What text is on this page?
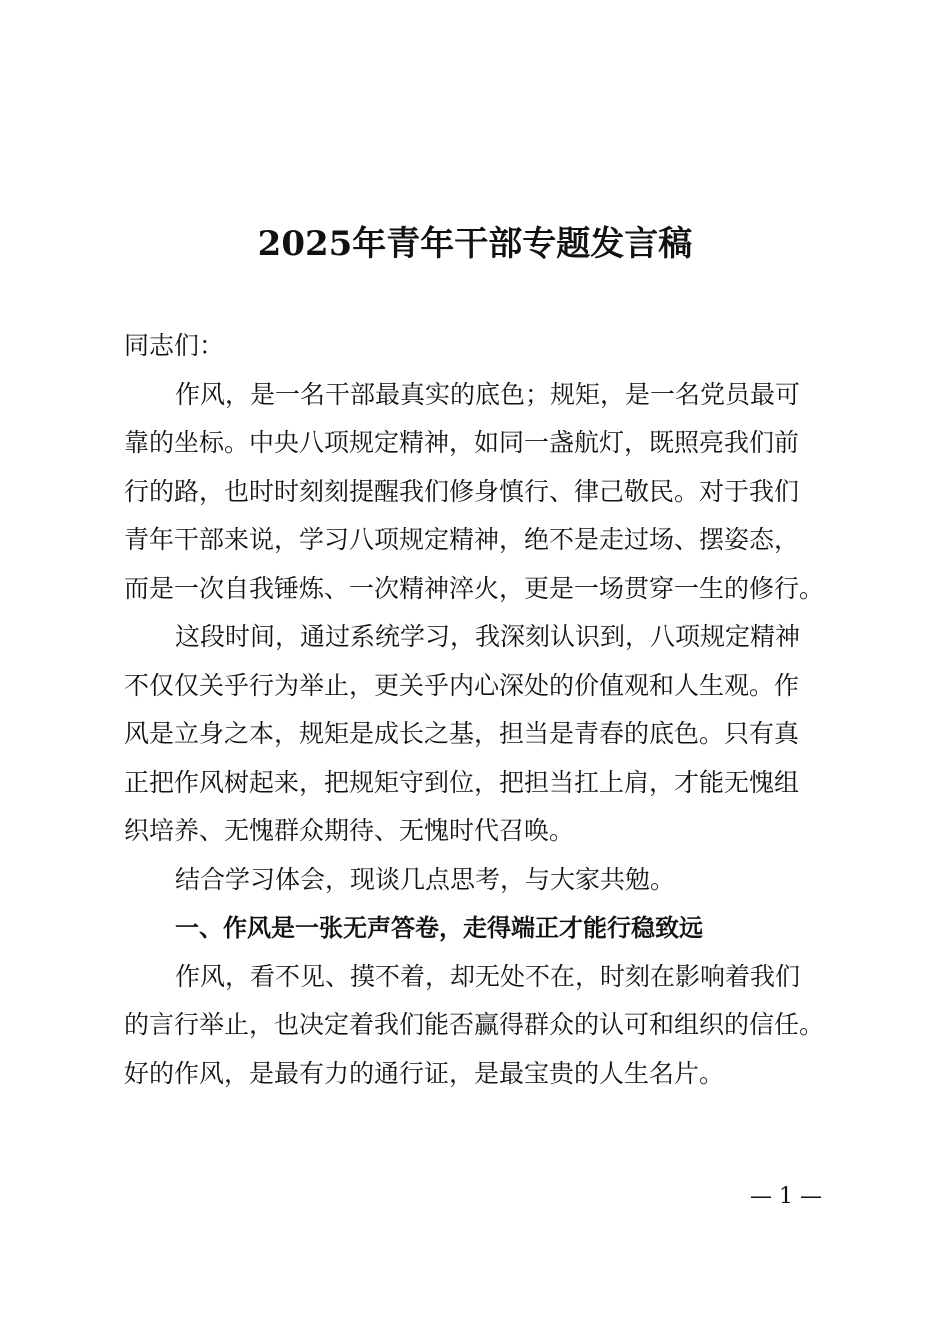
2025年青年干部专题发言稿
同志们：
作风，是一名干部最真实的底色；规矩，是一名党员最可
靠的坐标。中央八项规定精神，如同一盏航灯，既照亮我们前
行的路，也时时刻刻提醒我们修身慎行、律己敬民。对于我们
青年干部来说，学习八项规定精神，绝不是走过场、摆姿态，
而是一次自我锤炼、一次精神淬火，更是一场贯穿一生的修行。
这段时间，通过系统学习，我深刻认识到，八项规定精神
不仅仅关乎行为举止，更关乎内心深处的价值观和人生观。作
风是立身之本，规矩是成长之基，担当是青春的底色。只有真
正把作风树起来，把规矩守到位，把担当扛上肩，才能无愧组
织培养、无愧群众期待、无愧时代召唤。
结合学习体会，现谈几点思考，与大家共勉。
一、作风是一张无声答卷，走得端正才能行稳致远
作风，看不见、摸不着，却无处不在，时刻在影响着我们
的言行举止，也决定着我们能否赢得群众的认可和组织的信任。
好的作风，是最有力的通行证，是最宝贵的人生名片。
— 1 —
